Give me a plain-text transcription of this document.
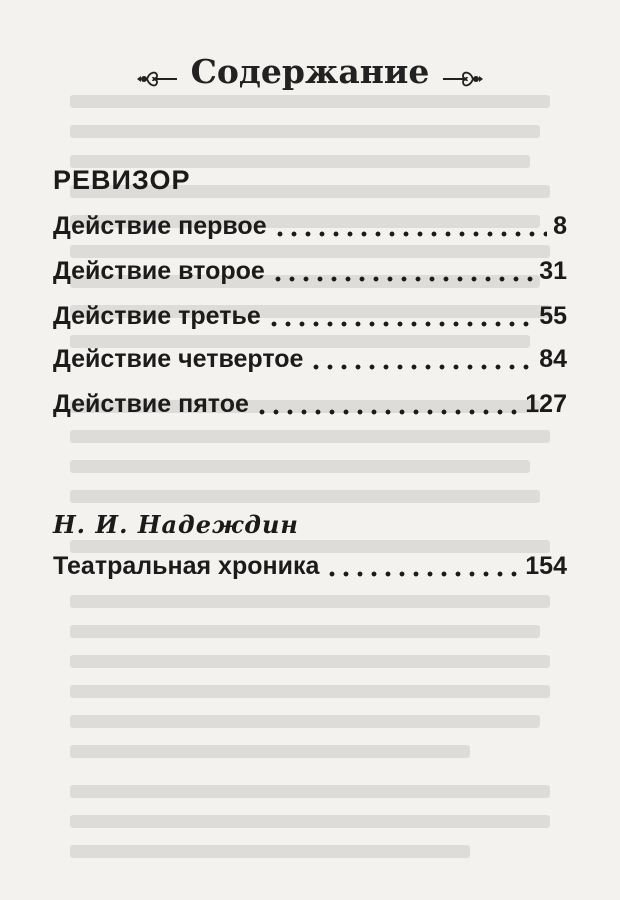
Содержание
РЕВИЗОР
Действие первое	8
Действие второе	31
Действие третье	55
Действие четвертое	84
Действие пятое	127
Н. И. Надеждин
Театральная хроника	154
